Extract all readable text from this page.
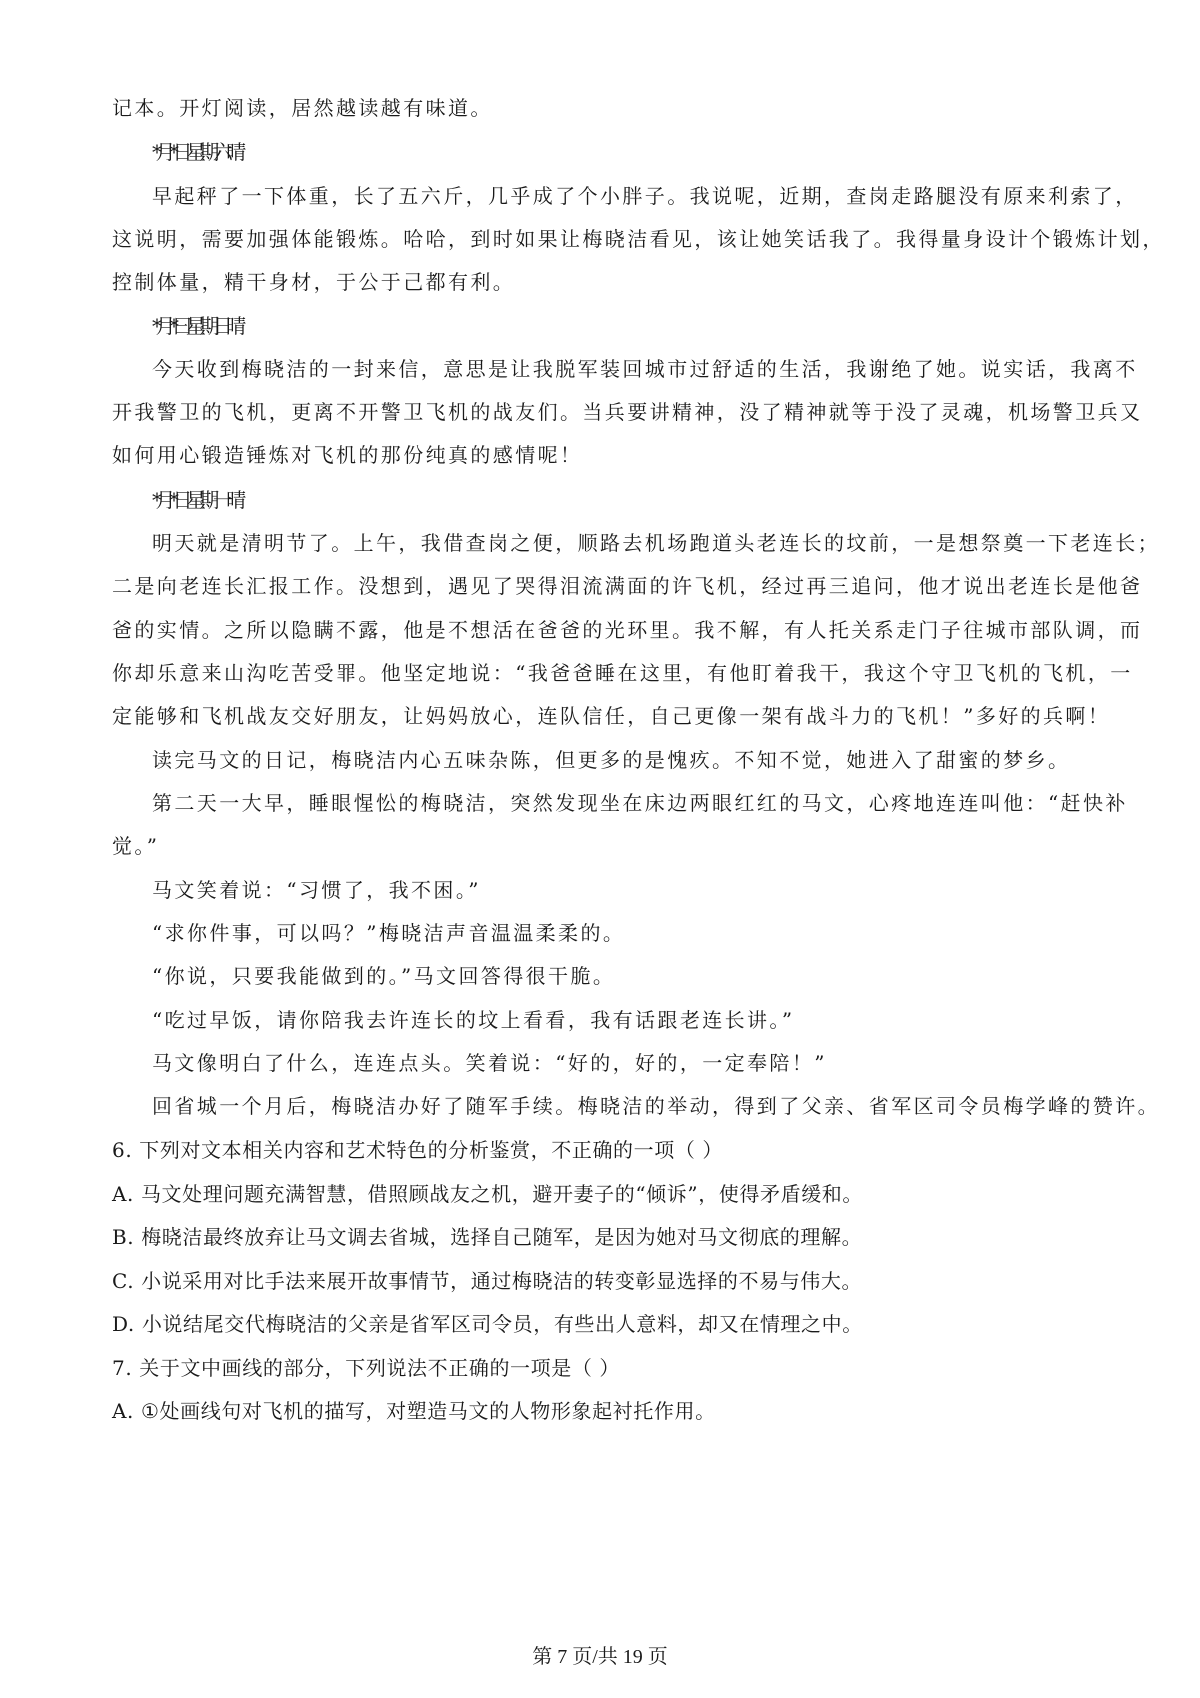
记本。开灯阅读，居然越读越有味道。
*月*日 星期六 晴
早起秤了一下体重，长了五六斤，几乎成了个小胖子。我说呢，近期，查岗走路腿没有原来利索了，
这说明，需要加强体能锻炼。哈哈，到时如果让梅晓洁看见，该让她笑话我了。我得量身设计个锻炼计划，
控制体量，精干身材，于公于己都有利。
*月*曰 星期日 晴
今天收到梅晓洁的一封来信，意思是让我脱军装回城市过舒适的生活，我谢绝了她。说实话，我离不
开我警卫的飞机，更离不开警卫飞机的战友们。当兵要讲精神，没了精神就等于没了灵魂，机场警卫兵又
如何用心锻造锤炼对飞机的那份纯真的感情呢！
*月*日 星期一 晴
明天就是清明节了。上午，我借查岗之便，顺路去机场跑道头老连长的坟前，一是想祭奠一下老连长；
二是向老连长汇报工作。没想到，遇见了哭得泪流满面的许飞机，经过再三追问，他才说出老连长是他爸
爸的实情。之所以隐瞒不露，他是不想活在爸爸的光环里。我不解，有人托关系走门子往城市部队调，而
你却乐意来山沟吃苦受罪。他坚定地说：“我爸爸睡在这里，有他盯着我干，我这个守卫飞机的飞机，一
定能够和飞机战友交好朋友，让妈妈放心，连队信任，自己更像一架有战斗力的飞机！”多好的兵啊！
读完马文的日记，梅晓洁内心五味杂陈，但更多的是愧疚。不知不觉，她进入了甜蜜的梦乡。
第二天一大早，睡眼惺忪的梅晓洁，突然发现坐在床边两眼红红的马文，心疼地连连叫他：“赶快补
觉。”
马文笑着说：“习惯了，我不困。”
“求你件事，可以吗？”梅晓洁声音温温柔柔的。
“你说，只要我能做到的。”马文回答得很干脆。
“吃过早饭，请你陪我去许连长的坟上看看，我有话跟老连长讲。”
马文像明白了什么，连连点头。笑着说：“好的，好的，一定奉陪！”
回省城一个月后，梅晓洁办好了随军手续。梅晓洁的举动，得到了父亲、省军区司令员梅学峰的赞许。
6. 下列对文本相关内容和艺术特色的分析鉴赏，不正确的一项（ ）
A. 马文处理问题充满智慧，借照顾战友之机，避开妻子的“倾诉”，使得矛盾缓和。
B. 梅晓洁最终放弃让马文调去省城，选择自己随军，是因为她对马文彻底的理解。
C. 小说采用对比手法来展开故事情节，通过梅晓洁的转变彰显选择的不易与伟大。
D. 小说结尾交代梅晓洁的父亲是省军区司令员，有些出人意料，却又在情理之中。
7. 关于文中画线的部分，下列说法不正确的一项是（ ）
A. ①处画线句对飞机的描写，对塑造马文的人物形象起衬托作用。
第 7 页/共 19 页
